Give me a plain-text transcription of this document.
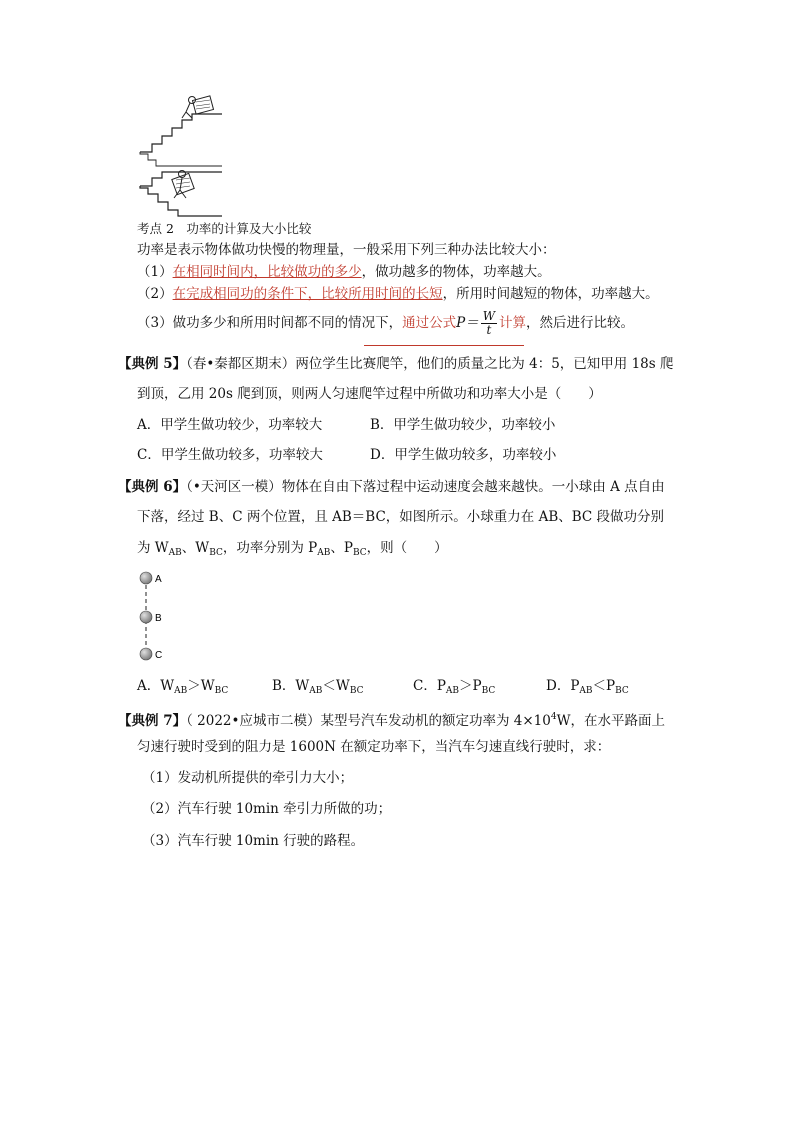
考点 2　功率的计算及大小比较
功率是表示物体做功快慢的物理量，一般采用下列三种办法比较大小：
（1）在相同时间内，比较做功的多少，做功越多的物体，功率越大。
（2）在完成相同功的条件下，比较所用时间的长短，所用时间越短的物体，功率越大。
（3）做功多少和所用时间都不同的情况下，通过公式$P= \frac{W}{t}$ 计算，然后进行比较。
【典例 5】（春•秦都区期末）两位学生比赛爬竿，他们的质量之比为 4：5，已知甲用 18s 爬
到顶，乙用 20s 爬到顶，则两人匀速爬竿过程中所做功和功率大小是（　　）
A．甲学生做功较少，功率较大	B．甲学生做功较少，功率较小
C．甲学生做功较多，功率较大	D．甲学生做功较多，功率较小
【典例 6】（•天河区一模）物体在自由下落过程中运动速度会越来越快。一小球由 A 点自由
下落，经过 B、C 两个位置，且 AB＝BC，如图所示。小球重力在 AB、BC 段做功分别
为 $W_{AB}$、$W_{BC}$，功率分别为 $P_{AB}$、$P_{BC}$，则（　　）
A
B
C
A．$W_{AB}>W_{BC}$	B．$W_{AB}<W_{BC}$	C．$P_{AB}>P_{BC}$	D．$P_{AB}<P_{BC}$
【典例 7】（ 2022•应城市二模）某型号汽车发动机的额定功率为 $4\times 10^4W$，在水平路面上
匀速行驶时受到的阻力是 1600N 在额定功率下，当汽车匀速直线行驶时，求：
（1）发动机所提供的牵引力大小；
（2）汽车行驶 10min 牵引力所做的功；
（3）汽车行驶 10min 行驶的路程。
